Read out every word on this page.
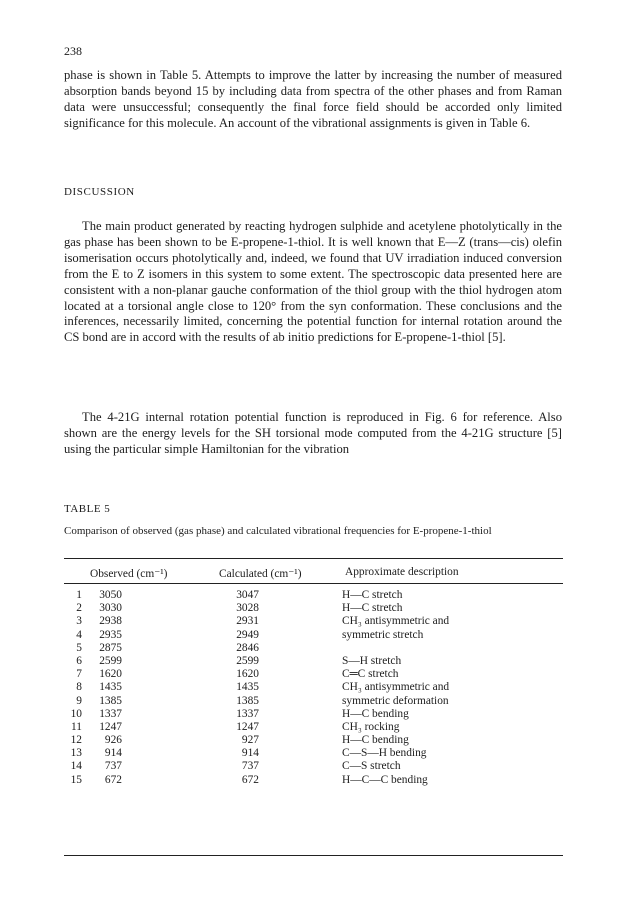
238

phase is shown in Table 5. Attempts to improve the latter by increasing the number of measured absorption bands beyond 15 by including data from spectra of the other phases and from Raman data were unsuccessful; consequently the final force field should be accorded only limited significance for this molecule. An account of the vibrational assignments is given in Table 6.

DISCUSSION

The main product generated by reacting hydrogen sulphide and acetylene photolytically in the gas phase has been shown to be E-propene-1-thiol. It is well known that E—Z (trans—cis) olefin isomerisation occurs photolytically and, indeed, we found that UV irradiation induced conversion from the E to Z isomers in this system to some extent. The spectroscopic data presented here are consistent with a non-planar gauche conformation of the thiol group with the thiol hydrogen atom located at a torsional angle close to 120° from the syn conformation. These conclusions and the inferences, necessarily limited, concerning the potential function for internal rotation around the CS bond are in accord with the results of ab initio predictions for E-propene-1-thiol [5].

The 4-21G internal rotation potential function is reproduced in Fig. 6 for reference. Also shown are the energy levels for the SH torsional mode computed from the 4-21G structure [5] using the particular simple Hamiltonian for the vibration

TABLE 5

Comparison of observed (gas phase) and calculated vibrational frequencies for E-propene-1-thiol

Observed (cm⁻¹)	Calculated (cm⁻¹)	Approximate description
1	3050	3047	H—C stretch
2	3030	3028	H—C stretch
3	2938	2931	CH₃ antisymmetric and
4	2935	2949	symmetric stretch
5	2875	2846
6	2599	2599	S—H stretch
7	1620	1620	C═C stretch
8	1435	1435	CH₃ antisymmetric and
9	1385	1385	symmetric deformation
10	1337	1337	H—C bending
11	1247	1247	CH₃ rocking
12	926	927	H—C bending
13	914	914	C—S—H bending
14	737	737	C—S stretch
15	672	672	H—C—C bending
